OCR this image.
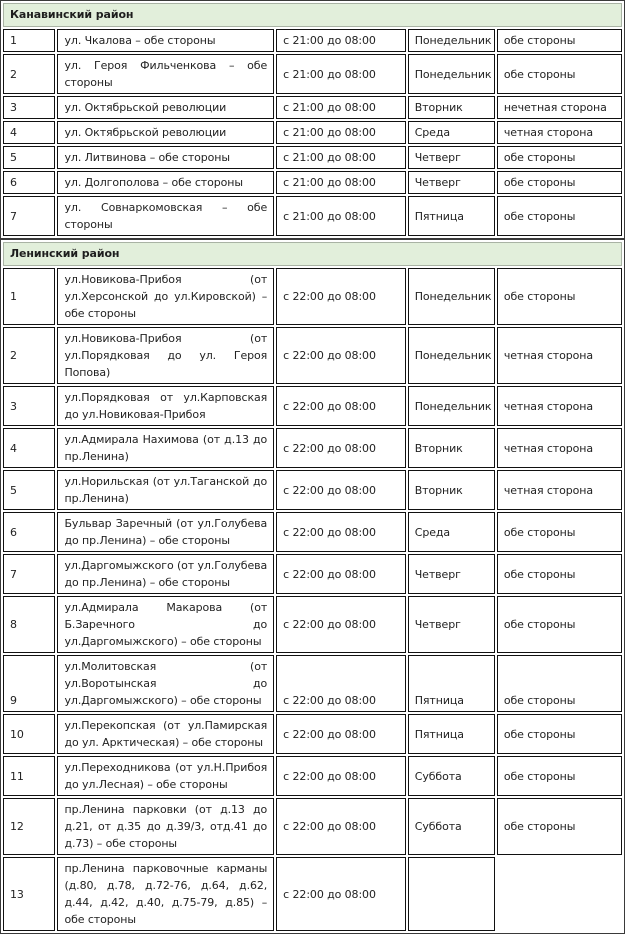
Канавинский район				
1	ул. Чкалова – обе стороны	с 21:00 до 08:00	Понедельник	обе стороны
2	ул. Героя Фильченкова – обе стороны	с 21:00 до 08:00	Понедельник	обе стороны
3	ул. Октябрьской революции	с 21:00 до 08:00	Вторник	нечетная сторона
4	ул. Октябрьской революции	с 21:00 до 08:00	Среда	четная сторона
5	ул. Литвинова – обе стороны	с 21:00 до 08:00	Четверг	обе стороны
6	ул. Долгополова – обе стороны	с 21:00 до 08:00	Четверг	обе стороны
7	ул. Совнаркомовская – обе стороны	с 21:00 до 08:00	Пятница	обе стороны
Ленинский район				
1	ул.Новикова-Прибоя (от ул.Херсонской до ул.Кировской) – обе стороны	с 22:00 до 08:00	Понедельник	обе стороны
2	ул.Новикова-Прибоя (от ул.Порядковая до ул. Героя Попова)	с 22:00 до 08:00	Понедельник	четная сторона
3	ул.Порядковая от ул.Карповская до ул.Новиковая-Прибоя	с 22:00 до 08:00	Понедельник	четная сторона
4	ул.Адмирала Нахимова (от д.13 до пр.Ленина)	с 22:00 до 08:00	Вторник	четная сторона
5	ул.Норильская (от ул.Таганской до пр.Ленина)	с 22:00 до 08:00	Вторник	четная сторона
6	Бульвар Заречный (от ул.Голубева до пр.Ленина) – обе стороны	с 22:00 до 08:00	Среда	обе стороны
7	ул.Даргомыжского (от ул.Голубева до пр.Ленина) – обе стороны	с 22:00 до 08:00	Четверг	обе стороны
8	ул.Адмирала Макарова (от Б.Заречного до ул.Даргомыжского) – обе стороны	с 22:00 до 08:00	Четверг	обе стороны
9	ул.Молитовская (от ул.Воротынская до ул.Даргомыжского) – обе стороны	с 22:00 до 08:00	Пятница	обе стороны
10	ул.Перекопская (от ул.Памирская до ул. Арктическая) – обе стороны	с 22:00 до 08:00	Пятница	обе стороны
11	ул.Переходникова (от ул.Н.Прибоя до ул.Лесная) – обе стороны	с 22:00 до 08:00	Суббота	обе стороны
12	пр.Ленина парковки (от д.13 до д.21, от д.35 до д.39/3, отд.41 до д.73) – обе стороны	с 22:00 до 08:00	Суббота	обе стороны
13	пр.Ленина парковочные карманы (д.80, д.78, д.72-76, д.64, д.62, д.44, д.42, д.40, д.75-79, д.85) – обе стороны	с 22:00 до 08:00		
